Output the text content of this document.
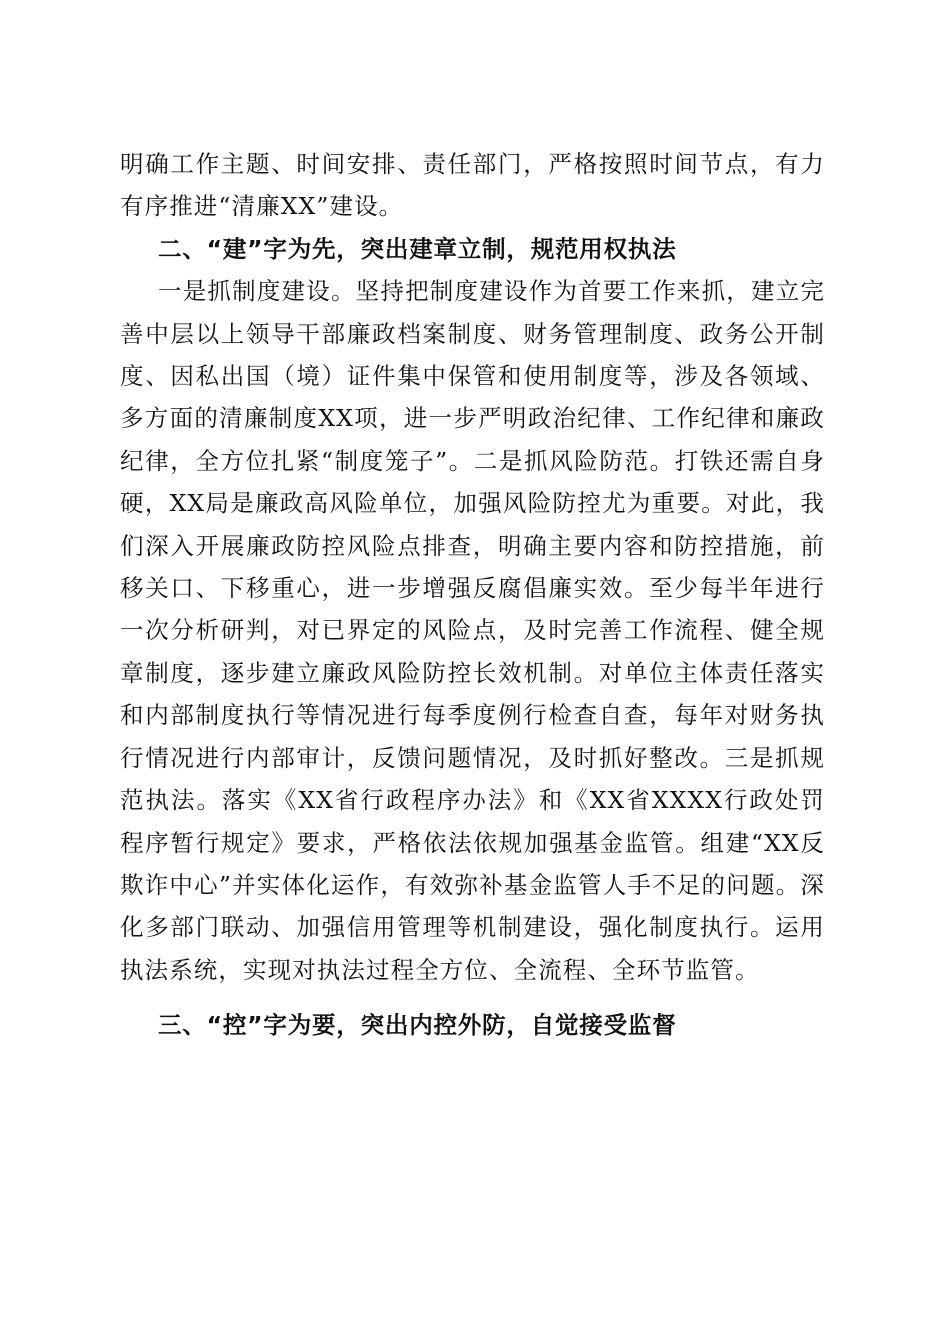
明确工作主题、时间安排、责任部门，严格按照时间节点，有力有序推进“清廉XX”建设。

二、“建”字为先，突出建章立制，规范用权执法

一是抓制度建设。坚持把制度建设作为首要工作来抓，建立完善中层以上领导干部廉政档案制度、财务管理制度、政务公开制度、因私出国（境）证件集中保管和使用制度等，涉及各领域、多方面的清廉制度XX项，进一步严明政治纪律、工作纪律和廉政纪律，全方位扎紧“制度笼子”。二是抓风险防范。打铁还需自身硬，XX局是廉政高风险单位，加强风险防控尤为重要。对此，我们深入开展廉政防控风险点排查，明确主要内容和防控措施，前移关口、下移重心，进一步增强反腐倡廉实效。至少每半年进行一次分析研判，对已界定的风险点，及时完善工作流程、健全规章制度，逐步建立廉政风险防控长效机制。对单位主体责任落实和内部制度执行等情况进行每季度例行检查自查，每年对财务执行情况进行内部审计，反馈问题情况，及时抓好整改。三是抓规范执法。落实《XX省行政程序办法》和《XX省XXXX行政处罚程序暂行规定》要求，严格依法依规加强基金监管。组建“XX反欺诈中心”并实体化运作，有效弥补基金监管人手不足的问题。深化多部门联动、加强信用管理等机制建设，强化制度执行。运用执法系统，实现对执法过程全方位、全流程、全环节监管。

三、“控”字为要，突出内控外防，自觉接受监督
